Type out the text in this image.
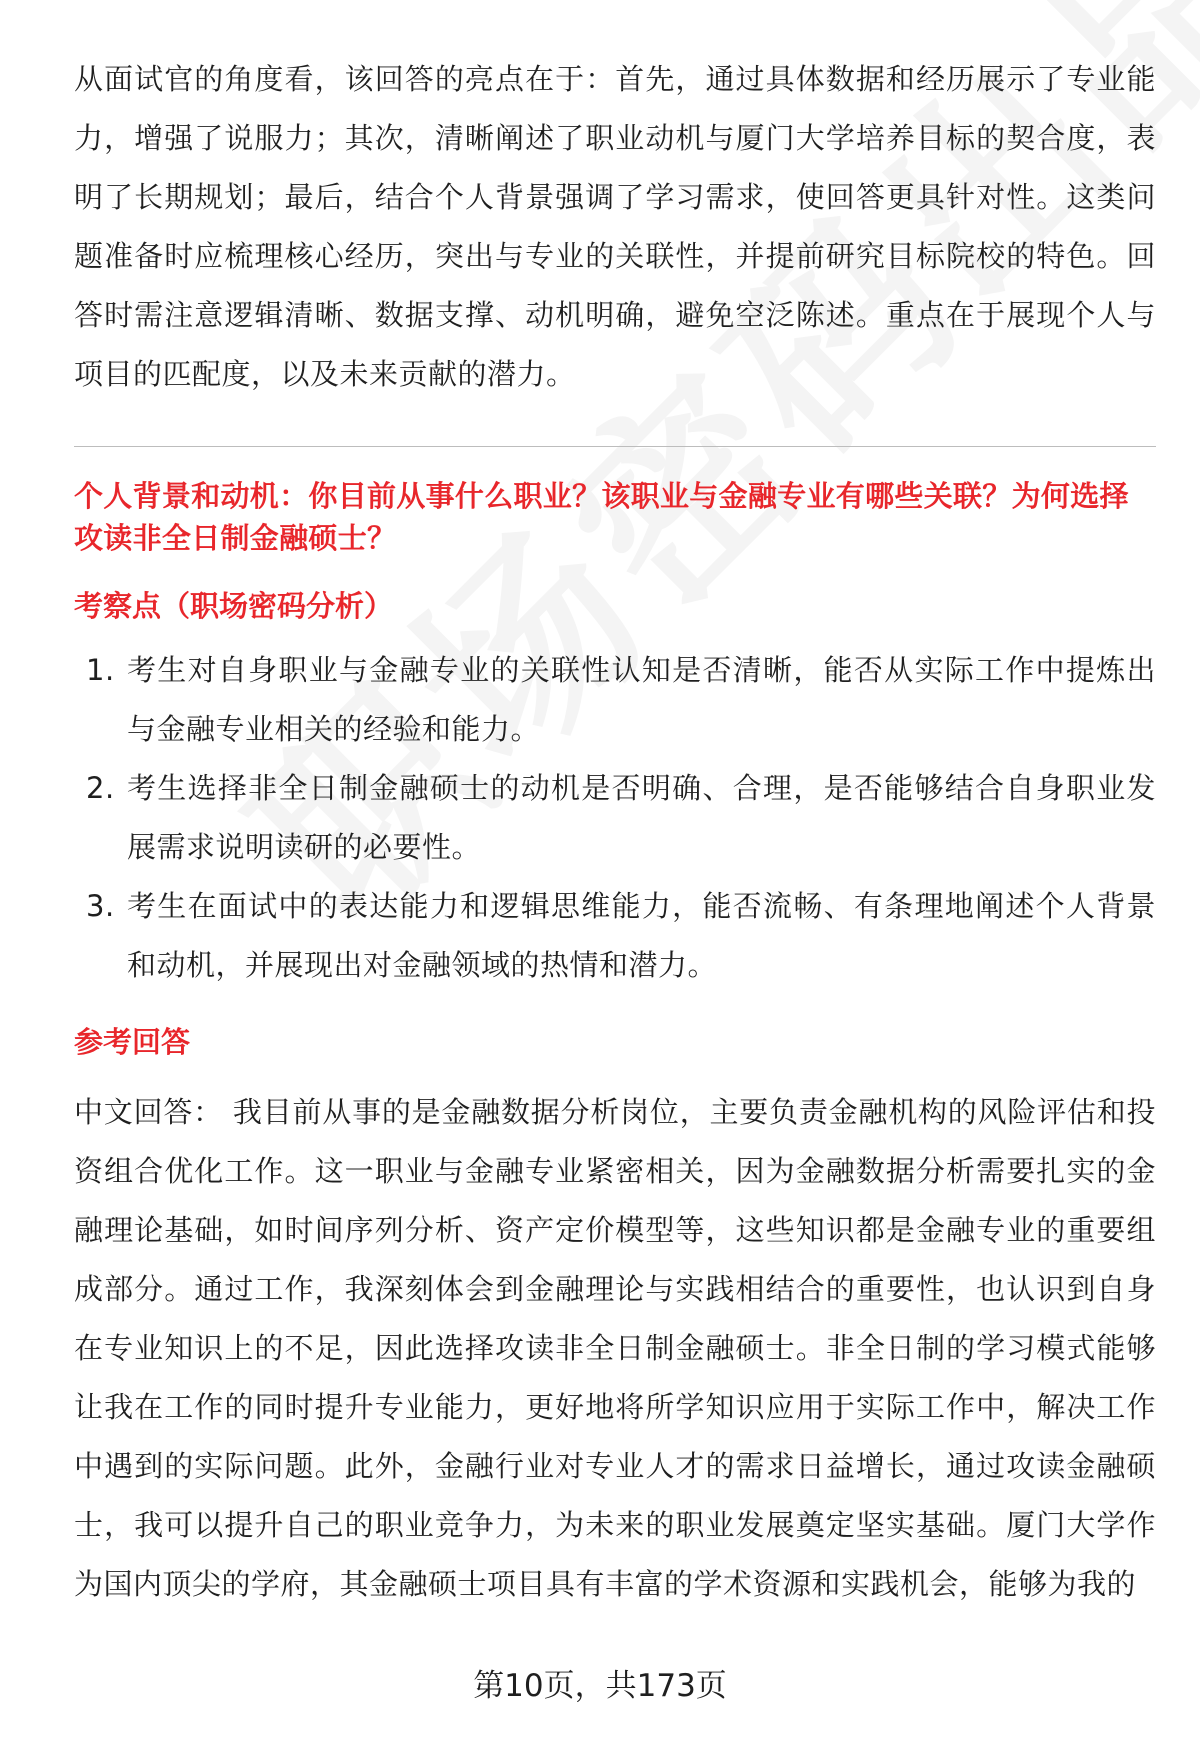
从面试官的角度看，该回答的亮点在于：首先，通过具体数据和经历展示了专业能力，增强了说服力；其次，清晰阐述了职业动机与厦门大学培养目标的契合度，表明了长期规划；最后，结合个人背景强调了学习需求，使回答更具针对性。这类问题准备时应梳理核心经历，突出与专业的关联性，并提前研究目标院校的特色。回答时需注意逻辑清晰、数据支撑、动机明确，避免空泛陈述。重点在于展现个人与项目的匹配度，以及未来贡献的潜力。

个人背景和动机：你目前从事什么职业？该职业与金融专业有哪些关联？为何选择攻读非全日制金融硕士？

考察点（职场密码分析）

1. 考生对自身职业与金融专业的关联性认知是否清晰，能否从实际工作中提炼出与金融专业相关的经验和能力。
2. 考生选择非全日制金融硕士的动机是否明确、合理，是否能够结合自身职业发展需求说明读研的必要性。
3. 考生在面试中的表达能力和逻辑思维能力，能否流畅、有条理地阐述个人背景和动机，并展现出对金融领域的热情和潜力。

参考回答

中文回答： 我目前从事的是金融数据分析岗位，主要负责金融机构的风险评估和投资组合优化工作。这一职业与金融专业紧密相关，因为金融数据分析需要扎实的金融理论基础，如时间序列分析、资产定价模型等，这些知识都是金融专业的重要组成部分。通过工作，我深刻体会到金融理论与实践相结合的重要性，也认识到自身在专业知识上的不足，因此选择攻读非全日制金融硕士。非全日制的学习模式能够让我在工作的同时提升专业能力，更好地将所学知识应用于实际工作中，解决工作中遇到的实际问题。此外，金融行业对专业人才的需求日益增长，通过攻读金融硕士，我可以提升自己的职业竞争力，为未来的职业发展奠定坚实基础。厦门大学作为国内顶尖的学府，其金融硕士项目具有丰富的学术资源和实践机会，能够为我的

第10页，共173页
